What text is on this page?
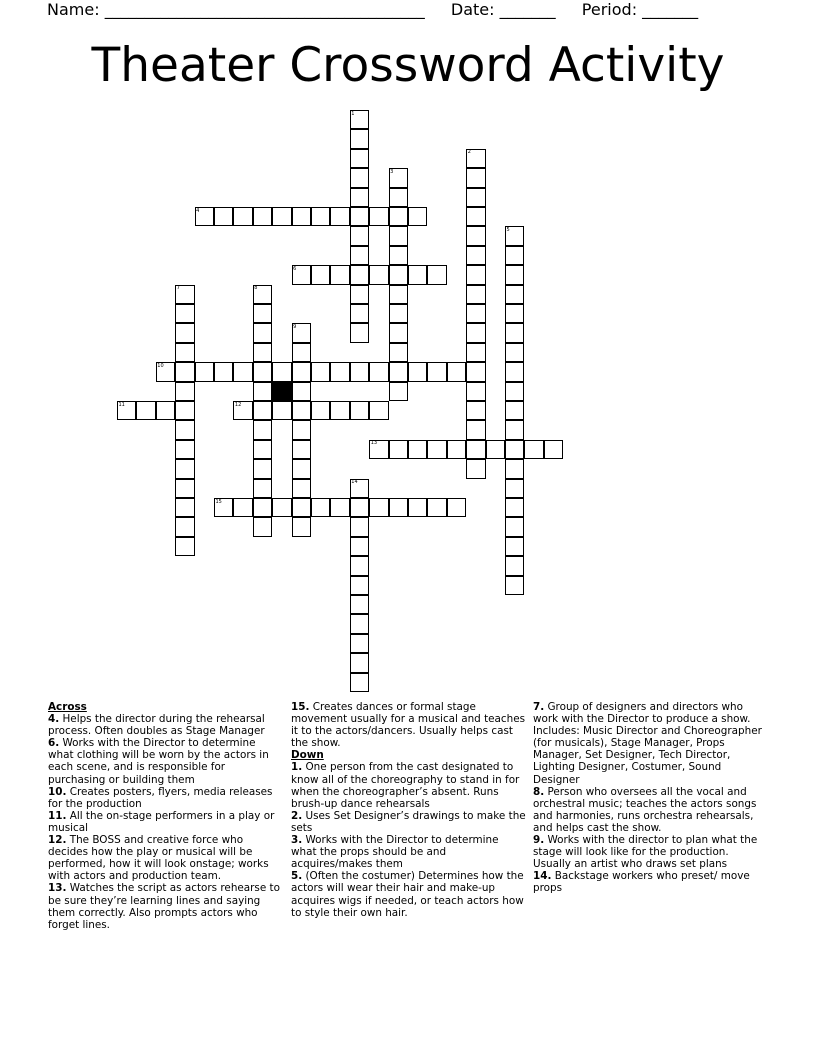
Name: ________________________________________ Date: _______ Period: _______
Theater Crossword Activity
1
2
3
4
5
6
7	8
9
10
11	12
13
14
15

Across

4. Helps the director during the rehearsal process. Often doubles as Stage Manager

6. Works with the Director to determine what clothing will be worn by the actors in each scene, and is responsible for purchasing or building them

10. Creates posters, flyers, media releases for the production

11. All the on-stage performers in a play or musical

12. The BOSS and creative force who decides how the play or musical will be performed, how it will look onstage; works with actors and production team.

13. Watches the script as actors rehearse to be sure they’re learning lines and saying them correctly. Also prompts actors who forget lines.

15. Creates dances or formal stage movement usually for a musical and teaches it to the actors/dancers. Usually helps cast the show.

Down

1. One person from the cast designated to know all of the choreography to stand in for when the choreographer’s absent. Runs brush-up dance rehearsals

2. Uses Set Designer’s drawings to make the sets

3. Works with the Director to determine what the props should be and acquires/makes them

5. (Often the costumer) Determines how the actors will wear their hair and make-up acquires wigs if needed, or teach actors how to style their own hair.

7. Group of designers and directors who work with the Director to produce a show. Includes: Music Director and Choreographer (for musicals), Stage Manager, Props Manager, Set Designer, Tech Director, Lighting Designer, Costumer, Sound Designer

8. Person who oversees all the vocal and orchestral music; teaches the actors songs and harmonies, runs orchestra rehearsals, and helps cast the show.

9. Works with the director to plan what the stage will look like for the production. Usually an artist who draws set plans

14. Backstage workers who preset/ move props
